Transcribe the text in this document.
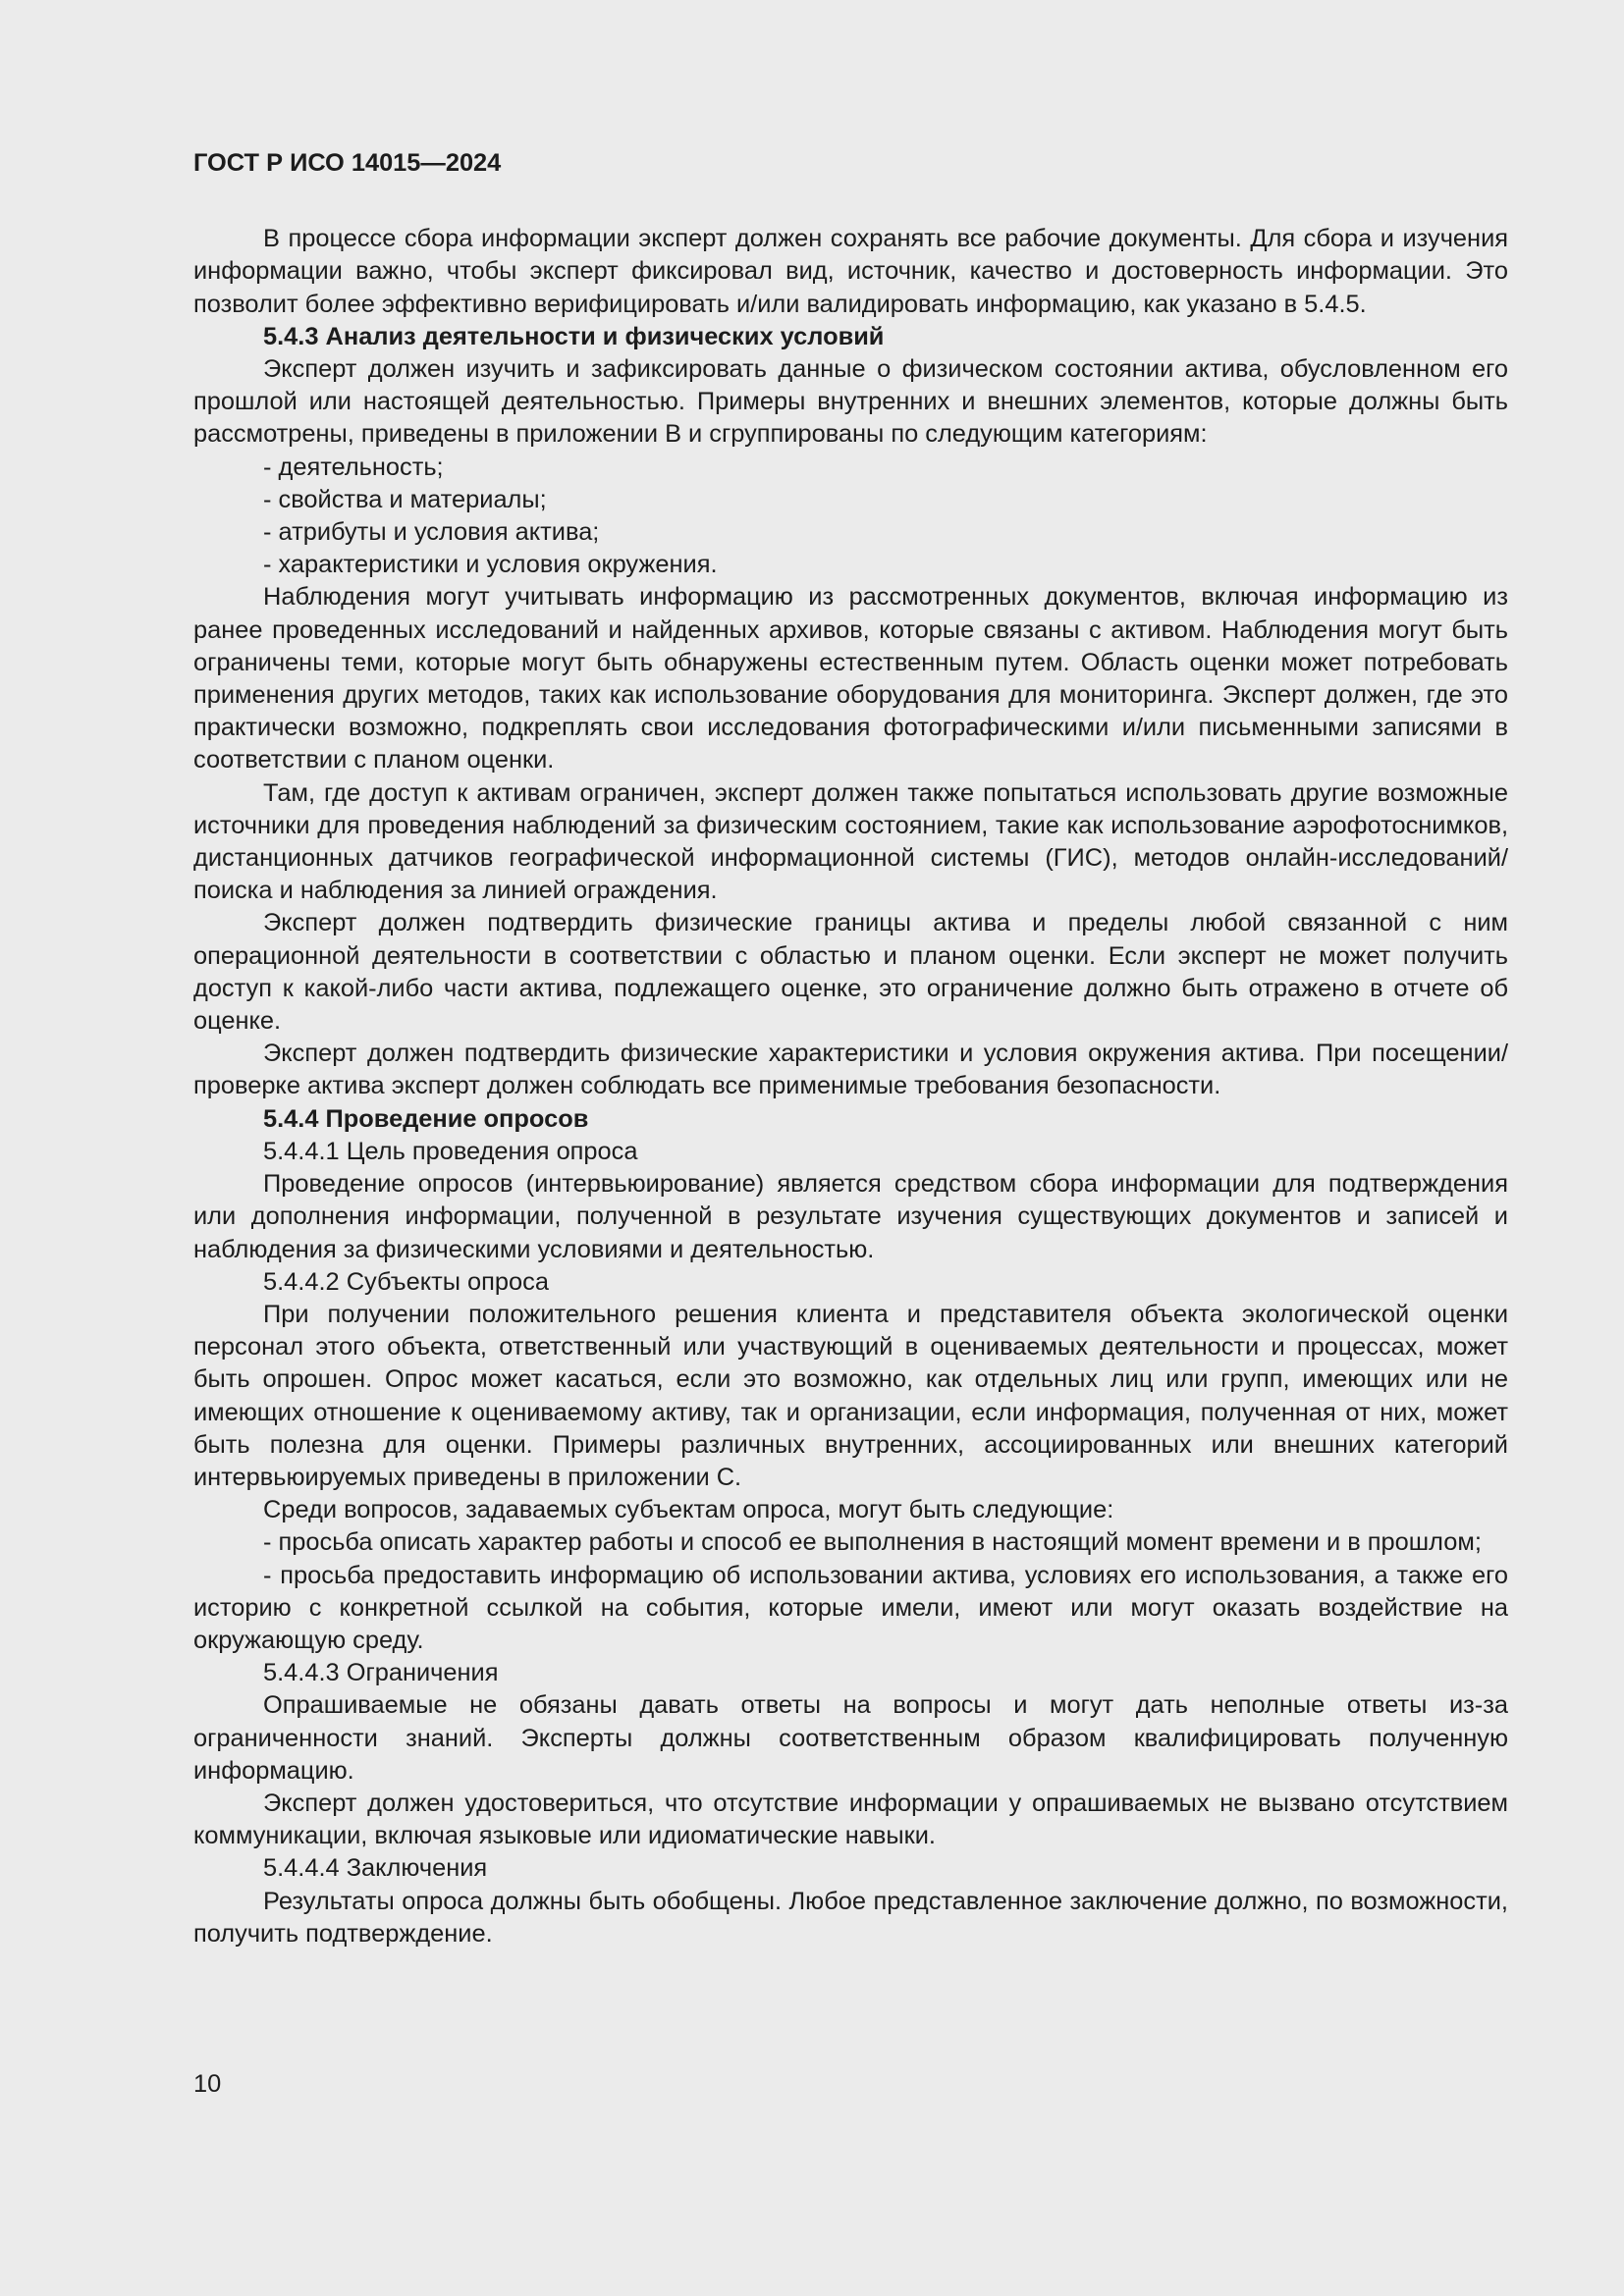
ГОСТ Р ИСО 14015—2024

В процессе сбора информации эксперт должен сохранять все рабочие документы. Для сбора и изучения информации важно, чтобы эксперт фиксировал вид, источник, качество и достоверность информации. Это позволит более эффективно верифицировать и/или валидировать информацию, как указано в 5.4.5.

5.4.3 Анализ деятельности и физических условий

Эксперт должен изучить и зафиксировать данные о физическом состоянии актива, обусловленном его прошлой или настоящей деятельностью. Примеры внутренних и внешних элементов, которые должны быть рассмотрены, приведены в приложении В и сгруппированы по следующим категориям:

- деятельность;

- свойства и материалы;

- атрибуты и условия актива;

- характеристики и условия окружения.

Наблюдения могут учитывать информацию из рассмотренных документов, включая информацию из ранее проведенных исследований и найденных архивов, которые связаны с активом. Наблюдения могут быть ограничены теми, которые могут быть обнаружены естественным путем. Область оценки может потребовать применения других методов, таких как использование оборудования для мониторинга. Эксперт должен, где это практически возможно, подкреплять свои исследования фотографическими и/или письменными записями в соответствии с планом оценки.

Там, где доступ к активам ограничен, эксперт должен также попытаться использовать другие возможные источники для проведения наблюдений за физическим состоянием, такие как использование аэрофотоснимков, дистанционных датчиков географической информационной системы (ГИС), методов онлайн-исследований/поиска и наблюдения за линией ограждения.

Эксперт должен подтвердить физические границы актива и пределы любой связанной с ним операционной деятельности в соответствии с областью и планом оценки. Если эксперт не может получить доступ к какой-либо части актива, подлежащего оценке, это ограничение должно быть отражено в отчете об оценке.

Эксперт должен подтвердить физические характеристики и условия окружения актива. При посещении/проверке актива эксперт должен соблюдать все применимые требования безопасности.

5.4.4 Проведение опросов

5.4.4.1 Цель проведения опроса

Проведение опросов (интервьюирование) является средством сбора информации для подтверждения или дополнения информации, полученной в результате изучения существующих документов и записей и наблюдения за физическими условиями и деятельностью.

5.4.4.2 Субъекты опроса

При получении положительного решения клиента и представителя объекта экологической оценки персонал этого объекта, ответственный или участвующий в оцениваемых деятельности и процессах, может быть опрошен. Опрос может касаться, если это возможно, как отдельных лиц или групп, имеющих или не имеющих отношение к оцениваемому активу, так и организации, если информация, полученная от них, может быть полезна для оценки. Примеры различных внутренних, ассоциированных или внешних категорий интервьюируемых приведены в приложении С.

Среди вопросов, задаваемых субъектам опроса, могут быть следующие:

- просьба описать характер работы и способ ее выполнения в настоящий момент времени и в прошлом;

- просьба предоставить информацию об использовании актива, условиях его использования, а также его историю с конкретной ссылкой на события, которые имели, имеют или могут оказать воздействие на окружающую среду.

5.4.4.3 Ограничения

Опрашиваемые не обязаны давать ответы на вопросы и могут дать неполные ответы из-за ограниченности знаний. Эксперты должны соответственным образом квалифицировать полученную информацию.

Эксперт должен удостовериться, что отсутствие информации у опрашиваемых не вызвано отсутствием коммуникации, включая языковые или идиоматические навыки.

5.4.4.4 Заключения

Результаты опроса должны быть обобщены. Любое представленное заключение должно, по возможности, получить подтверждение.

10
